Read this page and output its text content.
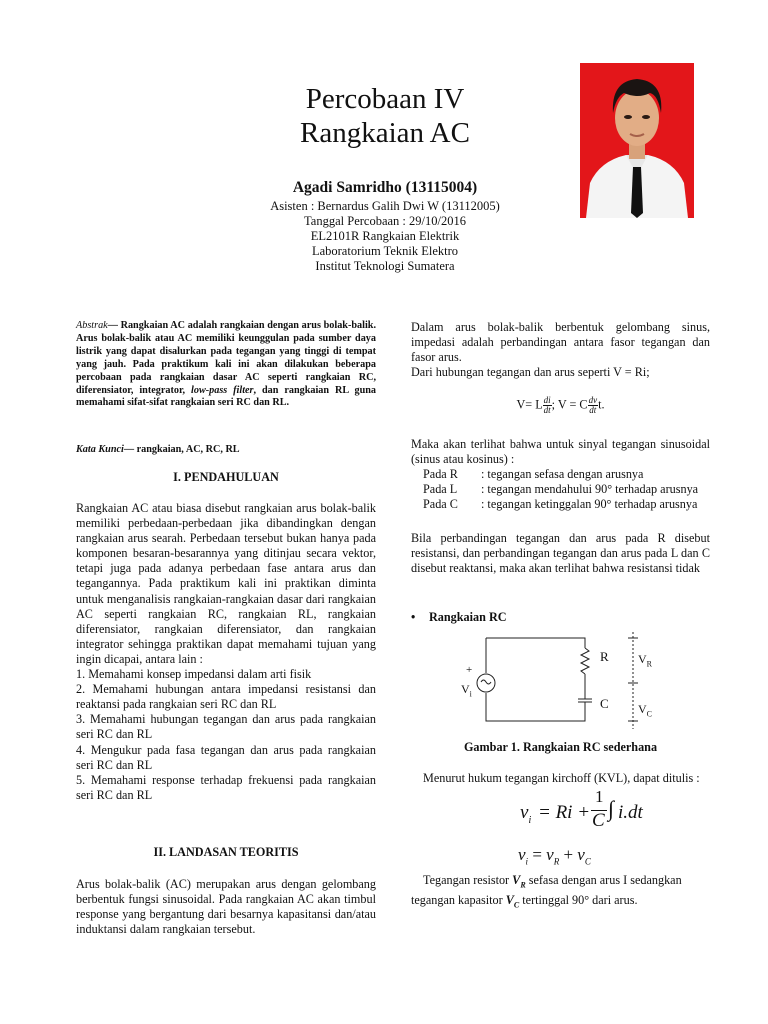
Percobaan IV
Rangkaian AC
Agadi Samridho (13115004)
Asisten : Bernardus Galih Dwi W (13112005)
Tanggal Percobaan : 29/10/2016
EL2101R Rangkaian Elektrik
Laboratorium Teknik Elektro
Institut Teknologi Sumatera
Abstrak— Rangkaian AC adalah rangkaian dengan arus bolak-balik. Arus bolak-balik atau AC memiliki keunggulan pada sumber daya listrik yang dapat disalurkan pada tegangan yang tinggi di tempat yang jauh. Pada praktikum kali ini akan dilakukan beberapa percobaan pada rangkaian dasar AC seperti rangkaian RC, diferensiator, integrator, low-pass filter, dan rangkaian RL guna memahami sifat-sifat rangkaian seri RC dan RL.
Kata Kunci— rangkaian, AC, RC, RL
I. PENDAHULUAN

Rangkaian AC atau biasa disebut rangkaian arus bolak-balik memiliki perbedaan-perbedaan jika dibandingkan dengan rangkaian arus searah. Perbedaan tersebut bukan hanya pada komponen besaran-besarannya yang ditinjau secara vektor, tetapi juga pada adanya perbedaan fase antara arus dan tegangannya. Pada praktikum kali ini praktikan diminta untuk menganalisis rangkaian-rangkaian dasar dari rangkaian AC seperti rangkaian RC, rangkaian RL, rangkaian diferensiator, rangkaian diferensiator, dan rangkaian integrator sehingga praktikan dapat memahami tujuan yang ingin dicapai, antara lain :

1. Memahami konsep impedansi dalam arti fisik

2. Memahami hubungan antara impedansi resistansi dan reaktansi pada rangkaian seri RC dan RL

3. Memahami hubungan tegangan dan arus pada rangkaian seri RC dan RL

4. Mengukur pada fasa tegangan dan arus pada rangkaian seri RC dan RL

5. Memahami response terhadap frekuensi pada rangkaian seri RC dan RL

II. LANDASAN TEORITIS
Arus bolak-balik (AC) merupakan arus dengan gelombang berbentuk fungsi sinusoidal. Pada rangkaian AC akan timbul response yang bergantung dari besarnya kapasitansi dan/atau induktansi dalam rangkaian tersebut.

Dalam arus bolak-balik berbentuk gelombang sinus, impedasi adalah perbandingan antara fasor tegangan dan fasor arus.

Dari hubungan tegangan dan arus seperti V = Ri;

V= L $\frac{di}{dt}$ ; V = C $\frac{dv}{dt} t$.

Maka akan terlihat bahwa untuk sinyal tegangan sinusoidal (sinus atau kosinus) :

Pada R : tegangan sefasa dengan arusnya

Pada L : tegangan mendahului 90° terhadap arusnya

Pada C : tegangan ketinggalan 90° terhadap arusnya

Bila perbandingan tegangan dan arus pada R disebut resistansi, dan perbandingan tegangan dan arus pada L dan C disebut reaktansi, maka akan terlihat bahwa resistansi tidak
• Rangkaian RC
+
$V_i$
R
C
$V_R$
$V_C$
Gambar 1. Rangkaian RC sederhana
Menurut hukum tegangan kirchoff (KVL), dapat ditulis :
$v_i = Ri$ +
1
C ∫ i.dt
$v_i = v_R + v_C$
Tegangan resistor $V_R$ sefasa dengan arus I sedangkan tegangan kapasitor $V_C$ tertinggal 90° dari arus.
